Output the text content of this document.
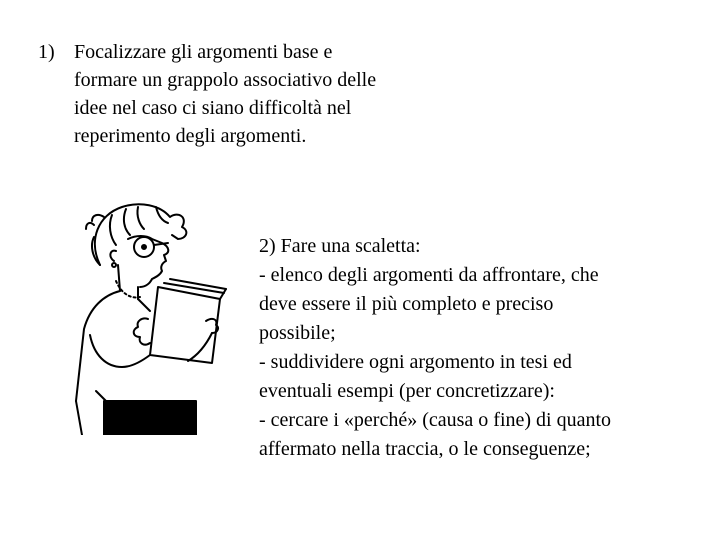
1) Focalizzare gli argomenti base e
formare un grappolo associativo delle
idee nel caso ci siano difficoltà nel
reperimento degli argomenti.
2) Fare una scaletta:
- elenco degli argomenti da affrontare, che
deve essere il più completo e preciso
possibile;
- suddividere ogni argomento in tesi ed
eventuali esempi (per concretizzare):
- cercare i «perché» (causa o fine) di quanto
affermato nella traccia, o le conseguenze;
